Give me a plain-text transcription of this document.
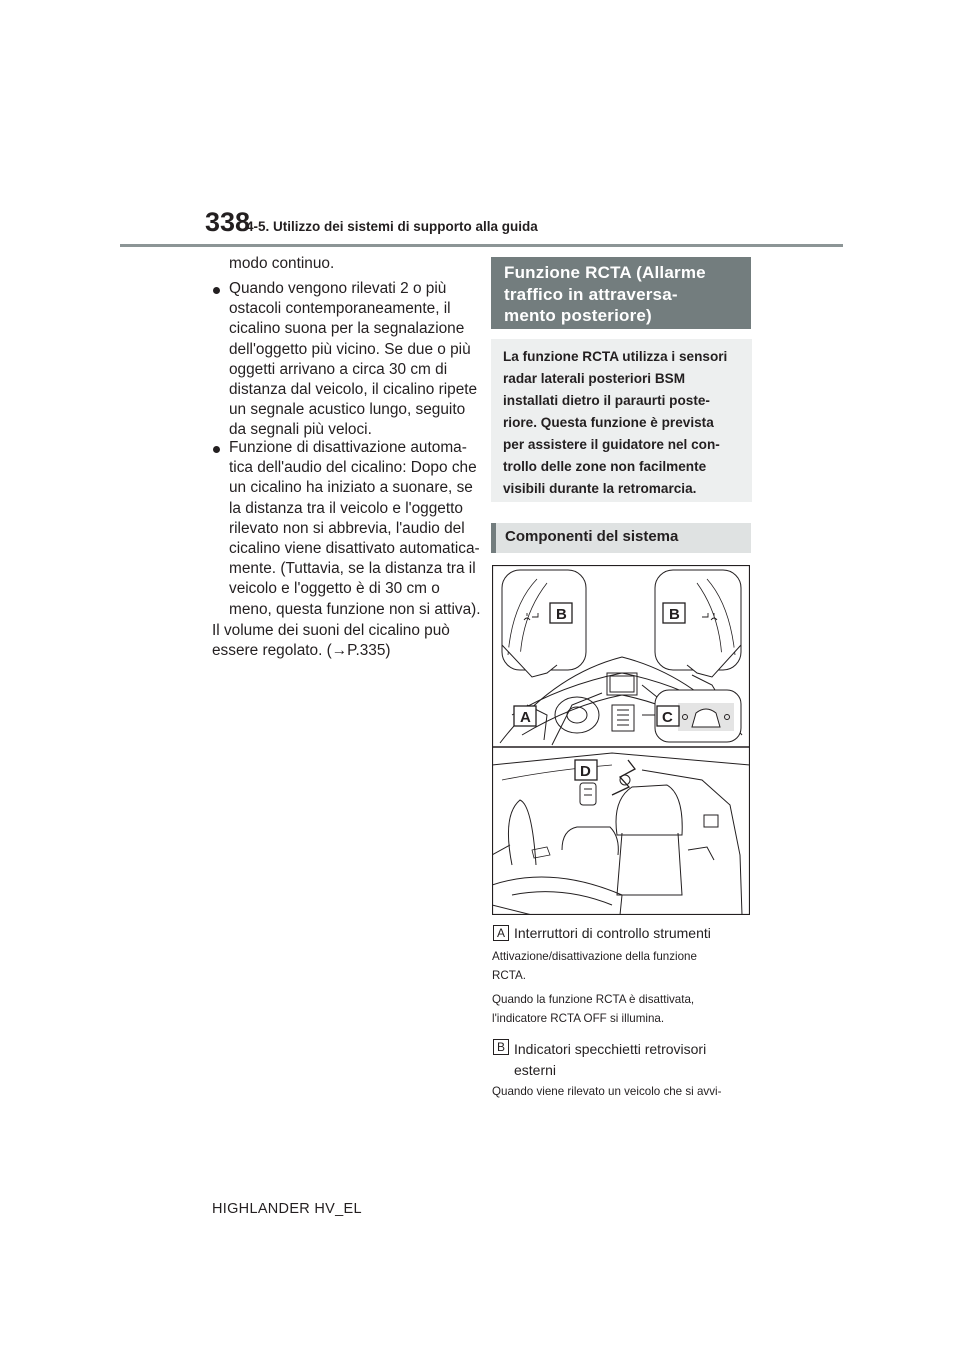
338
4-5. Utilizzo dei sistemi di supporto alla guida
modo continuo.
Quando vengono rilevati 2 o più
ostacoli contemporaneamente, il
cicalino suona per la segnalazione
dell'oggetto più vicino. Se due o più
oggetti arrivano a circa 30 cm di
distanza dal veicolo, il cicalino ripete
un segnale acustico lungo, seguito
da segnali più veloci.
Funzione di disattivazione automa-
tica dell'audio del cicalino: Dopo che
un cicalino ha iniziato a suonare, se
la distanza tra il veicolo e l'oggetto
rilevato non si abbrevia, l'audio del
cicalino viene disattivato automatica-
mente. (Tuttavia, se la distanza tra il
veicolo e l'oggetto è di 30 cm o
meno, questa funzione non si attiva).
Il volume dei suoni del cicalino può
essere regolato. (→P.335)
Funzione RCTA (Allarme
traffico in attraversa-
mento posteriore)
La funzione RCTA utilizza i sensori
radar laterali posteriori BSM
installati dietro il paraurti poste-
riore. Questa funzione è prevista
per assistere il guidatore nel con-
trollo delle zone non facilmente
visibili durante la retromarcia.
Componenti del sistema
B	B
A	C
D
A Interruttori di controllo strumenti
Attivazione/disattivazione della funzione
RCTA.
Quando la funzione RCTA è disattivata,
l'indicatore RCTA OFF si illumina.
B Indicatori specchietti retrovisori
esterni
Quando viene rilevato un veicolo che si avvi-
HIGHLANDER HV_EL
